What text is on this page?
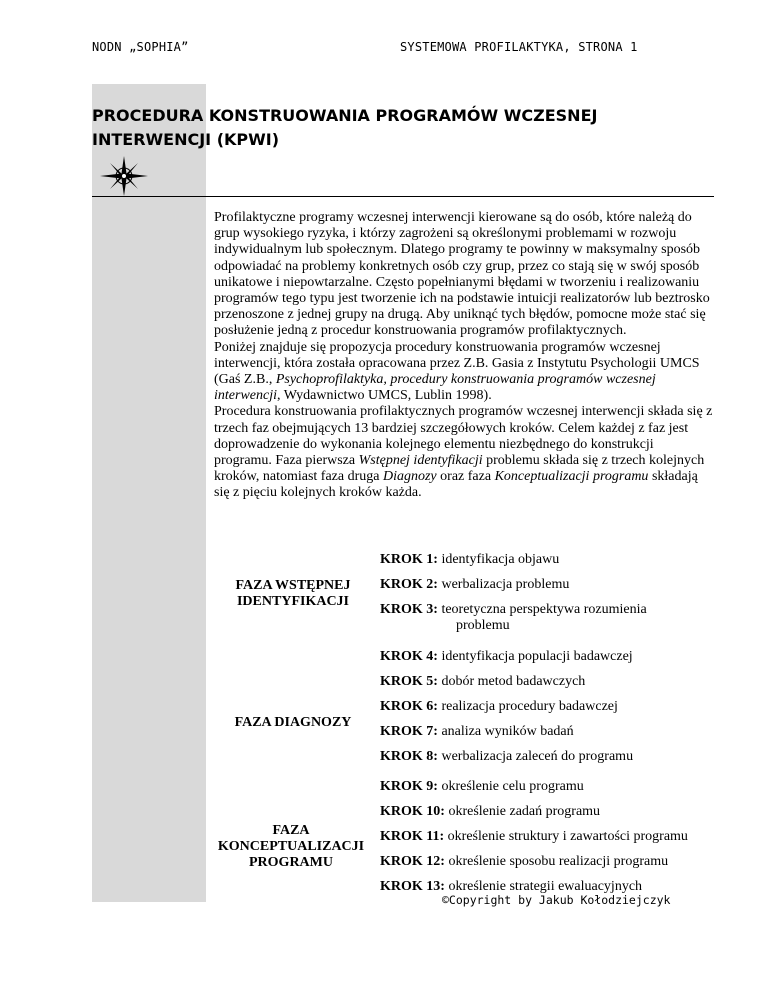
NODN „SOPHIA”	SYSTEMOWA PROFILAKTYKA, STRONA 1
PROCEDURA KONSTRUOWANIA PROGRAMÓW WCZESNEJ INTERWENCJI (KPWI)

Profilaktyczne programy wczesnej interwencji kierowane są do osób, które należą do grup wysokiego ryzyka, i którzy zagrożeni są określonymi problemami w rozwoju indywidualnym lub społecznym. Dlatego programy te powinny w maksymalny sposób odpowiadać na problemy konkretnych osób czy grup, przez co stają się w swój sposób unikatowe i niepowtarzalne. Często popełnianymi błędami w tworzeniu i realizowaniu programów tego typu jest tworzenie ich na podstawie intuicji realizatorów lub beztrosko przenoszone z jednej grupy na drugą. Aby uniknąć tych błędów, pomocne może stać się posłużenie jedną z procedur konstruowania programów profilaktycznych.

Poniżej znajduje się propozycja procedury konstruowania programów wczesnej interwencji, która została opracowana przez Z.B. Gasia z Instytutu Psychologii UMCS (Gaś Z.B., Psychoprofilaktyka, procedury konstruowania programów wczesnej interwencji, Wydawnictwo UMCS, Lublin 1998).

Procedura konstruowania profilaktycznych programów wczesnej interwencji składa się z trzech faz obejmujących 13 bardziej szczegółowych kroków. Celem każdej z faz jest doprowadzenie do wykonania kolejnego elementu niezbędnego do konstrukcji programu. Faza pierwsza Wstępnej identyfikacji problemu składa się z trzech kolejnych kroków, natomiast faza druga Diagnozy oraz faza Konceptualizacji programu składają się z pięciu kolejnych kroków każda.

FAZA WSTĘPNEJ IDENTYFIKACJI
FAZA DIAGNOZY
FAZA KONCEPTUALIZACJI PROGRAMU
KROK 1: identyfikacja objawu
KROK 2: werbalizacja problemu
KROK 3: teoretyczna perspektywa rozumienia
problemu
KROK 4: identyfikacja populacji badawczej
KROK 5: dobór metod badawczych
KROK 6: realizacja procedury badawczej
KROK 7: analiza wyników badań
KROK 8: werbalizacja zaleceń do programu
KROK 9: określenie celu programu
KROK 10: określenie zadań programu
KROK 11: określenie struktury i zawartości programu
KROK 12: określenie sposobu realizacji programu
KROK 13: określenie strategii ewaluacyjnych
©Copyright by Jakub Kołodziejczyk
